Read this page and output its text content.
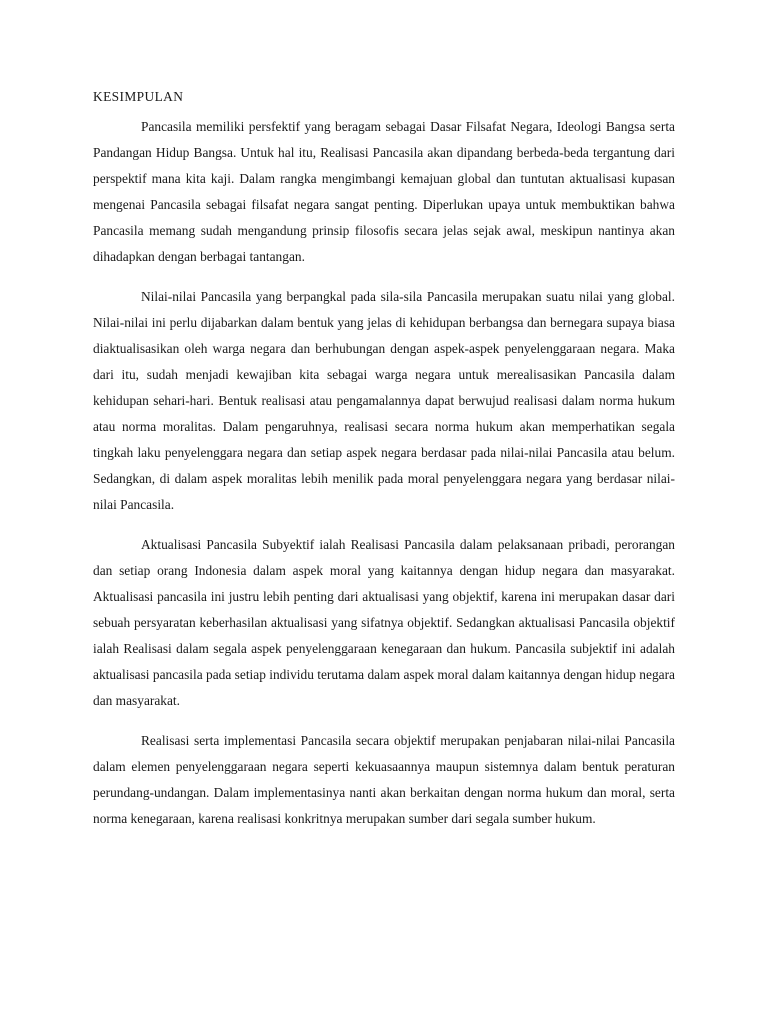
KESIMPULAN

Pancasila memiliki persfektif yang beragam sebagai Dasar Filsafat Negara, Ideologi Bangsa serta Pandangan Hidup Bangsa. Untuk hal itu, Realisasi Pancasila akan dipandang berbeda-beda tergantung dari perspektif mana kita kaji. Dalam rangka mengimbangi kemajuan global dan tuntutan aktualisasi kupasan mengenai Pancasila sebagai filsafat negara sangat penting. Diperlukan upaya untuk membuktikan bahwa Pancasila memang sudah mengandung prinsip filosofis secara jelas sejak awal, meskipun nantinya akan dihadapkan dengan berbagai tantangan.

Nilai-nilai Pancasila yang berpangkal pada sila-sila Pancasila merupakan suatu nilai yang global. Nilai-nilai ini perlu dijabarkan dalam bentuk yang jelas di kehidupan berbangsa dan bernegara supaya biasa diaktualisasikan oleh warga negara dan berhubungan dengan aspek-aspek penyelenggaraan negara. Maka dari itu, sudah menjadi kewajiban kita sebagai warga negara untuk merealisasikan Pancasila dalam kehidupan sehari-hari. Bentuk realisasi atau pengamalannya dapat berwujud realisasi dalam norma hukum atau norma moralitas. Dalam pengaruhnya, realisasi secara norma hukum akan memperhatikan segala tingkah laku penyelenggara negara dan setiap aspek negara berdasar pada nilai-nilai Pancasila atau belum. Sedangkan, di dalam aspek moralitas lebih menilik pada moral penyelenggara negara yang berdasar nilai-nilai Pancasila.

Aktualisasi Pancasila Subyektif ialah Realisasi Pancasila dalam pelaksanaan pribadi, perorangan dan setiap orang Indonesia dalam aspek moral yang kaitannya dengan hidup negara dan masyarakat. Aktualisasi pancasila ini justru lebih penting dari aktualisasi yang objektif, karena ini merupakan dasar dari sebuah persyaratan keberhasilan aktualisasi yang sifatnya objektif. Sedangkan aktualisasi Pancasila objektif ialah Realisasi dalam segala aspek penyelenggaraan kenegaraan dan hukum. Pancasila subjektif ini adalah aktualisasi pancasila pada setiap individu terutama dalam aspek moral dalam kaitannya dengan hidup negara dan masyarakat.

Realisasi serta implementasi Pancasila secara objektif merupakan penjabaran nilai-nilai Pancasila dalam elemen penyelenggaraan negara seperti kekuasaannya maupun sistemnya dalam bentuk peraturan perundang-undangan. Dalam implementasinya nanti akan berkaitan dengan norma hukum dan moral, serta norma kenegaraan, karena realisasi konkritnya merupakan sumber dari segala sumber hukum.
